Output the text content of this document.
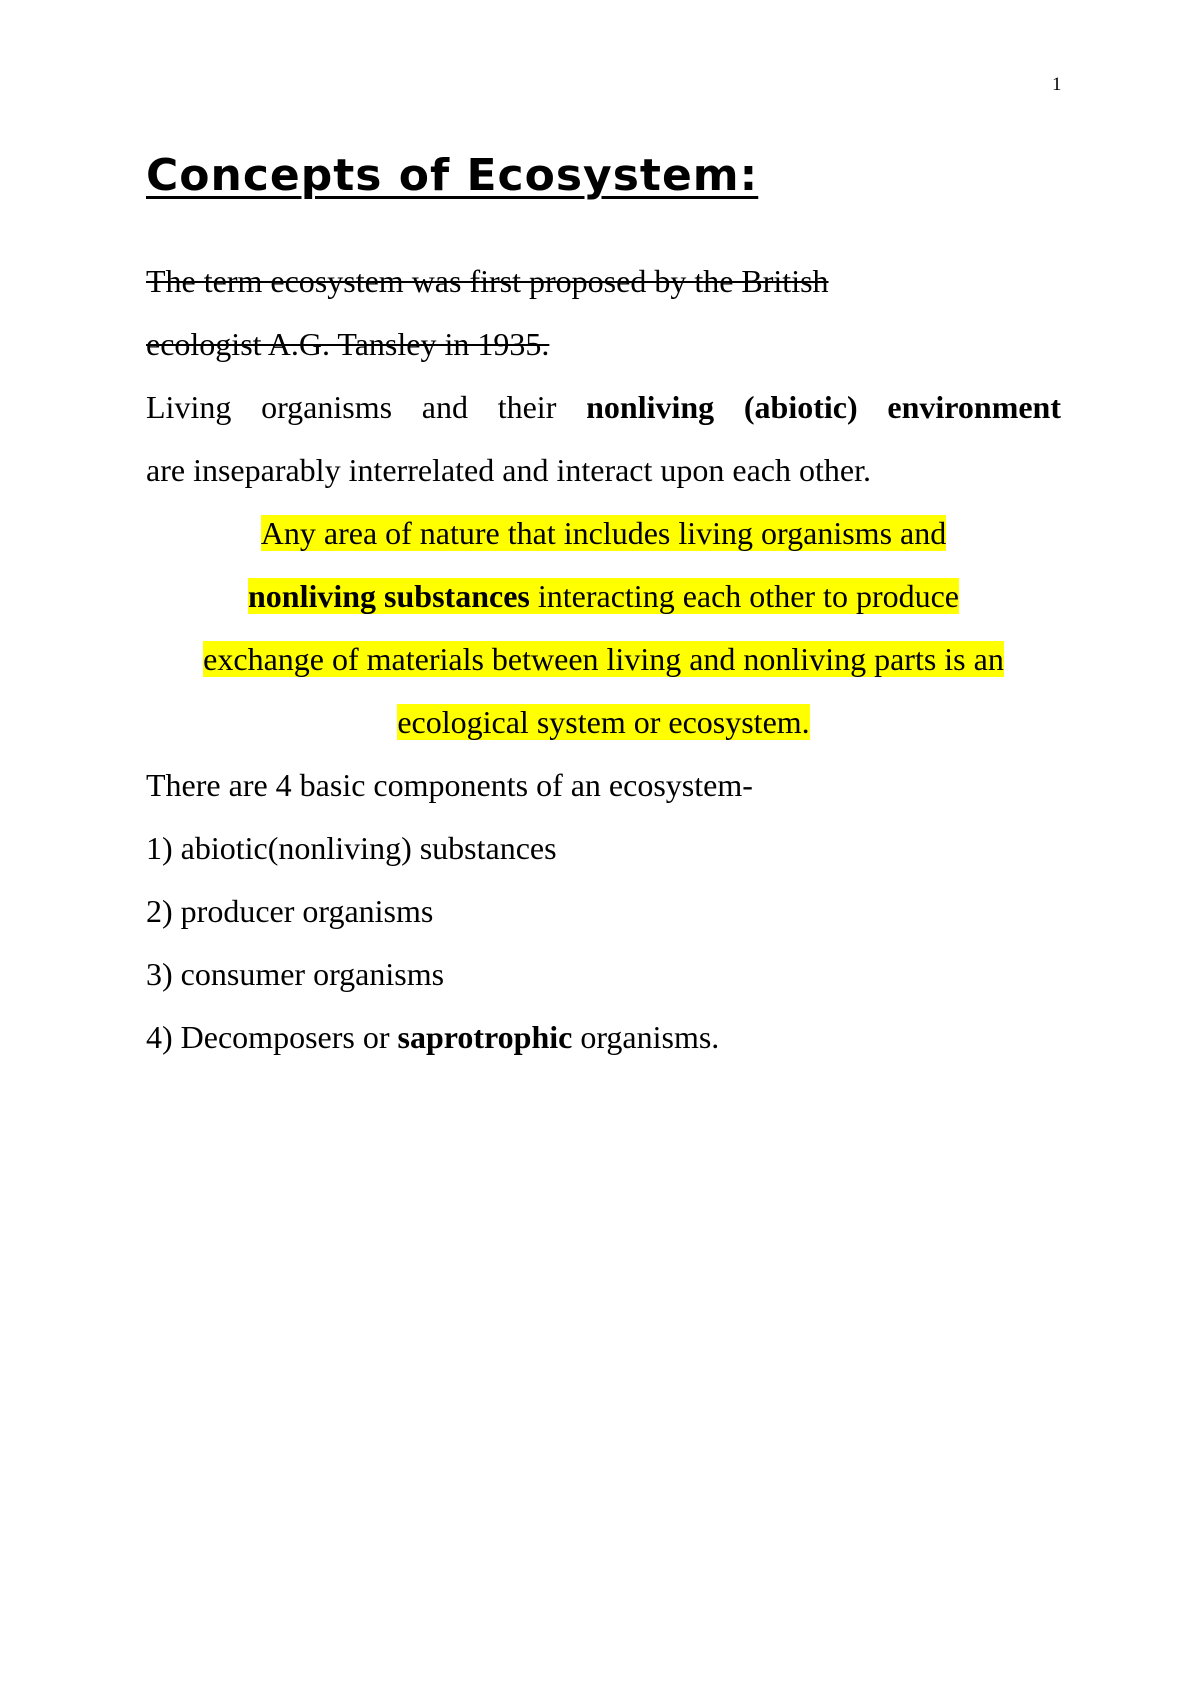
1
Concepts of Ecosystem:
The term ecosystem was first proposed by the British
ecologist A.G. Tansley in 1935.
Living organisms and their nonliving (abiotic) environment
are inseparably interrelated and interact upon each other.
Any area of nature that includes living organisms and
nonliving substances interacting each other to produce
exchange of materials between living and nonliving parts is an
ecological system or ecosystem.
There are 4 basic components of an ecosystem-
1) abiotic(nonliving) substances
2) producer organisms
3) consumer organisms
4) Decomposers or saprotrophic organisms.
